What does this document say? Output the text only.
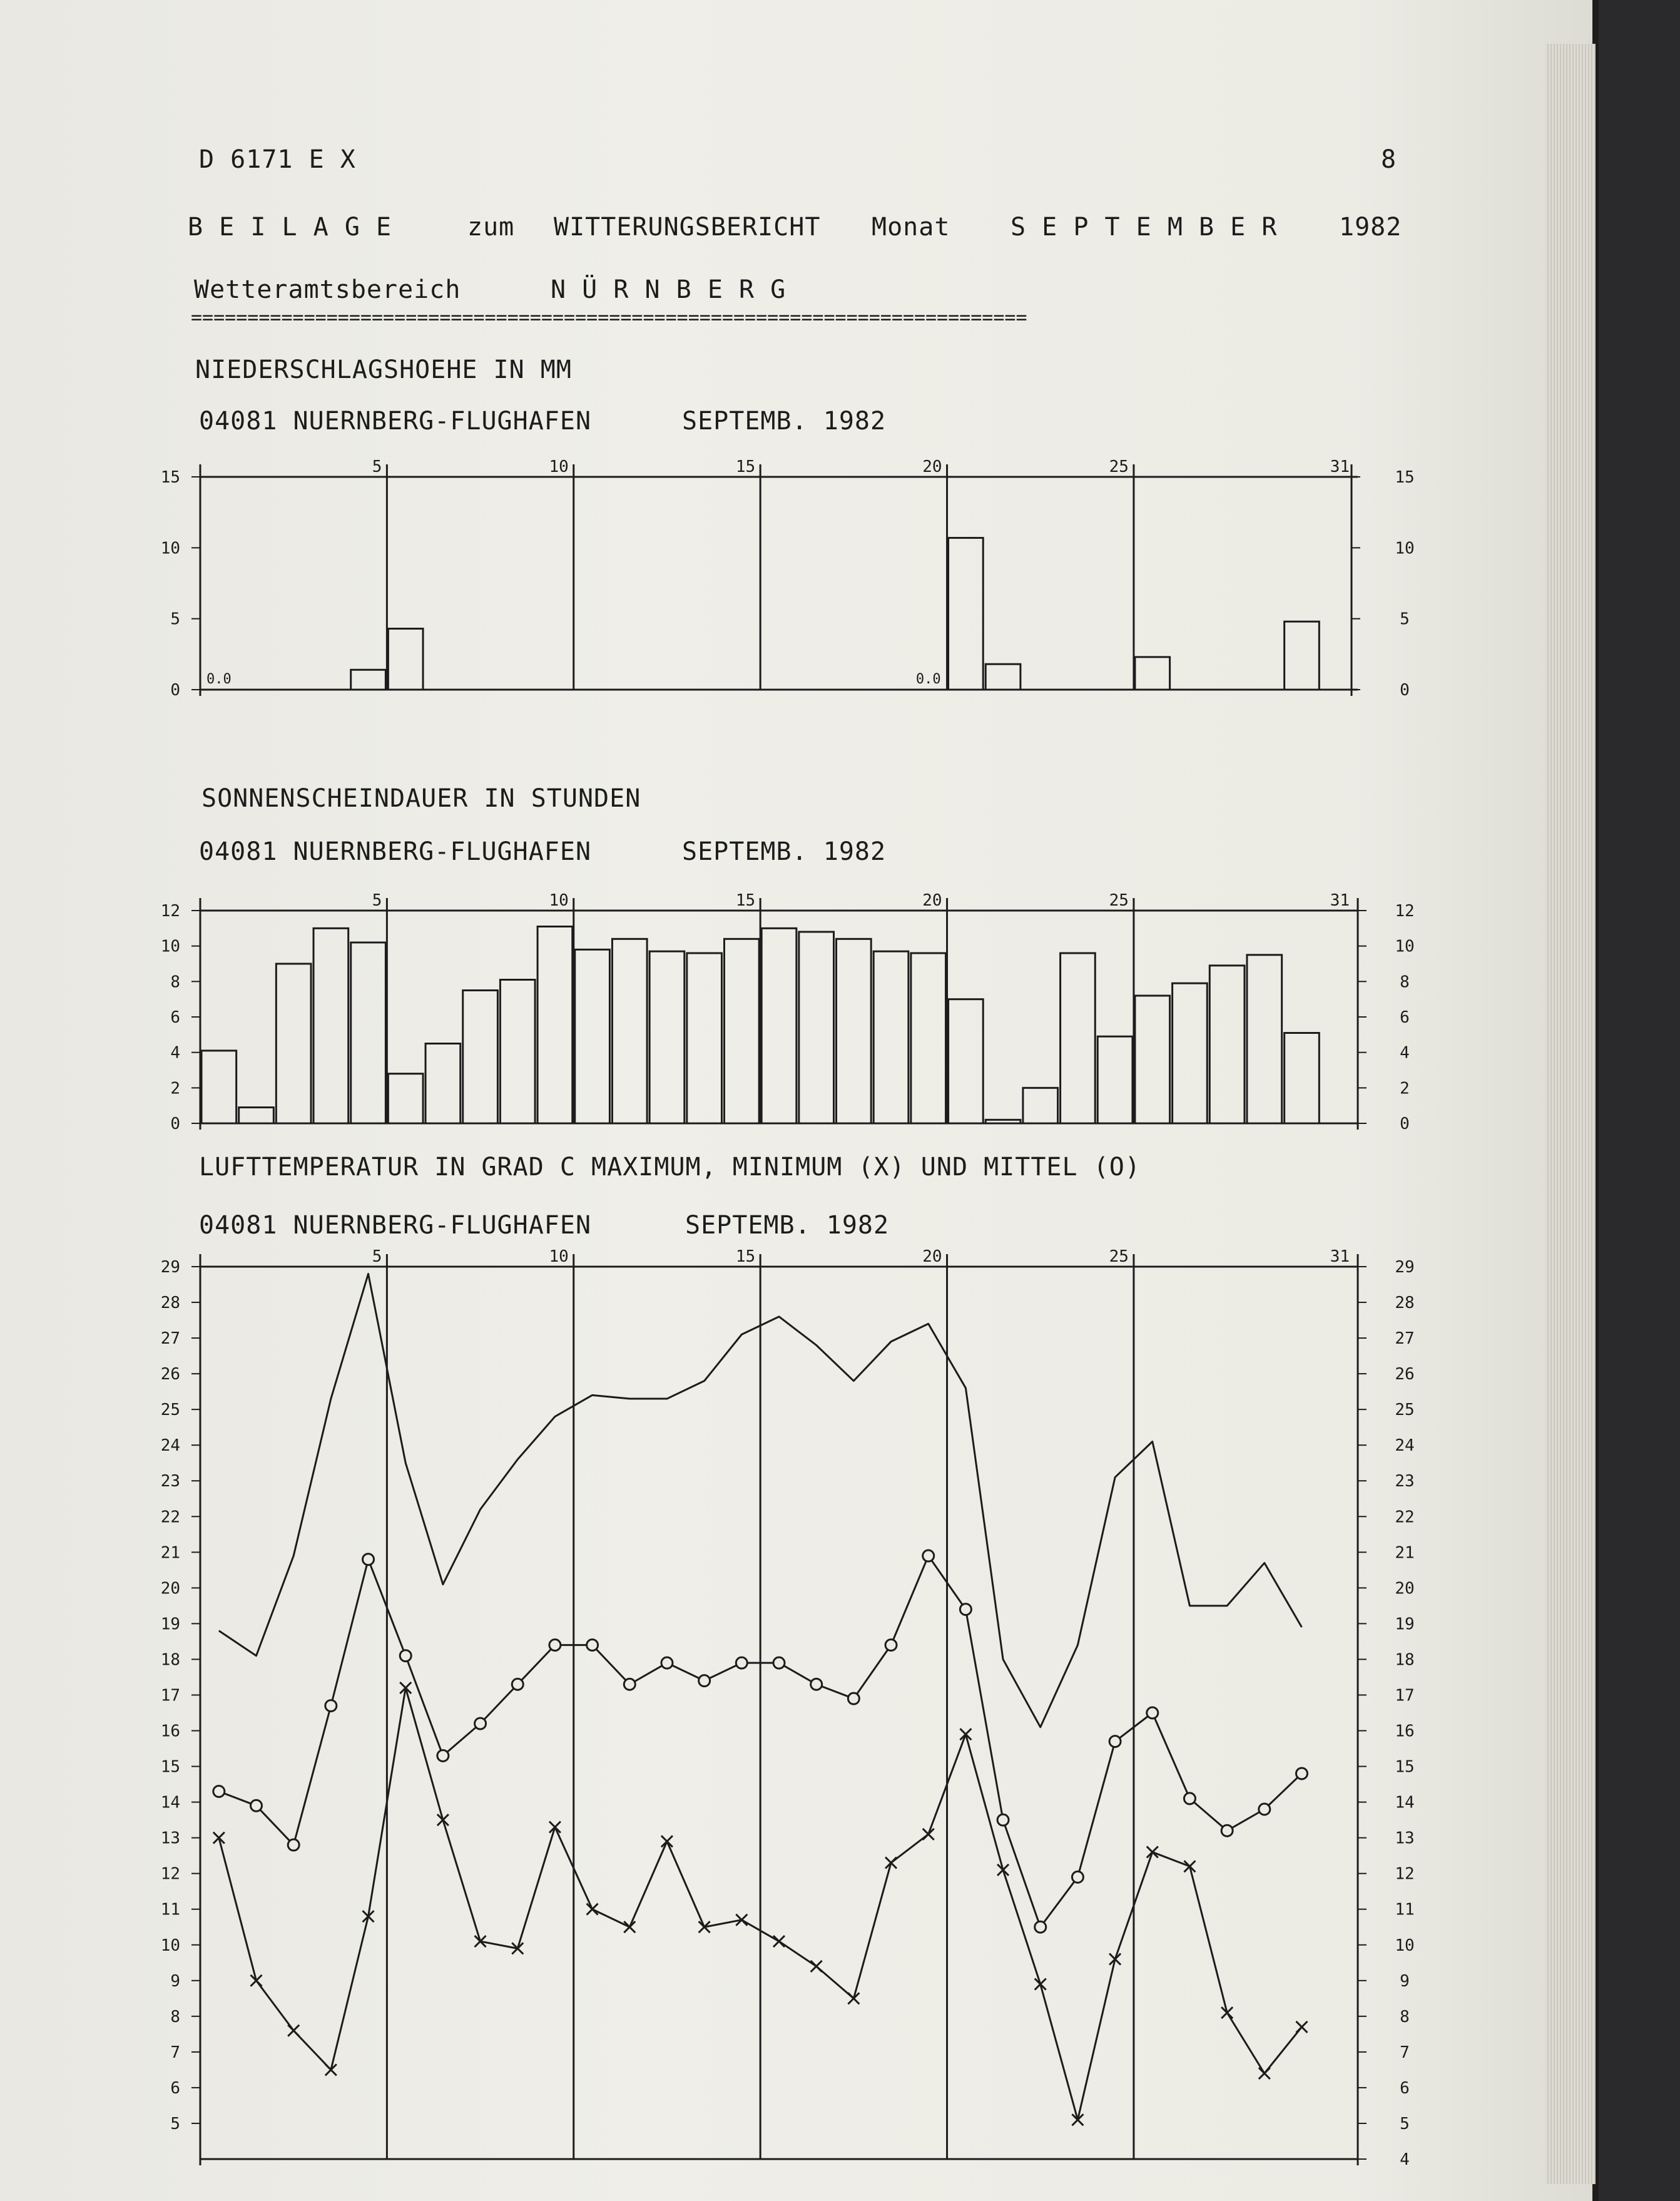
D 6171 E X	8
B E I L A G E	zum WITTERUNGSBERICHT Monat S E P T E M B E R 1982
Wetteramtsbereich	N Ü R N B E R G
==========================================================================
NIEDERSCHLAGSHOEHE IN MM
04081 NUERNBERG-FLUGHAFEN	SEPTEMB. 1982
SONNENSCHEINDAUER IN STUNDEN
04081 NUERNBERG-FLUGHAFEN	SEPTEMB. 1982
LUFTTEMPERATUR IN GRAD C MAXIMUM, MINIMUM (X) UND MITTEL (O)
04081 NUERNBERG-FLUGHAFEN	SEPTEMB. 1982
5	10	15	20	25	31
0
5
10
15
0
5
10
15
0.0	0.0
5	10	15	20	25	31
0
2
4
6
8
10
12
0
2
4
6
8
10
12
5	10	15	20	25	31
5
6
7
8
9
10
11
12
13
14
15
16
17
18
19
20
21
22
23
24
25
26
27
28
29
4
5
6
7
8
9
10
11
12
13
14
15
16
17
18
19
20
21
22
23
24
25
26
27
28
29
